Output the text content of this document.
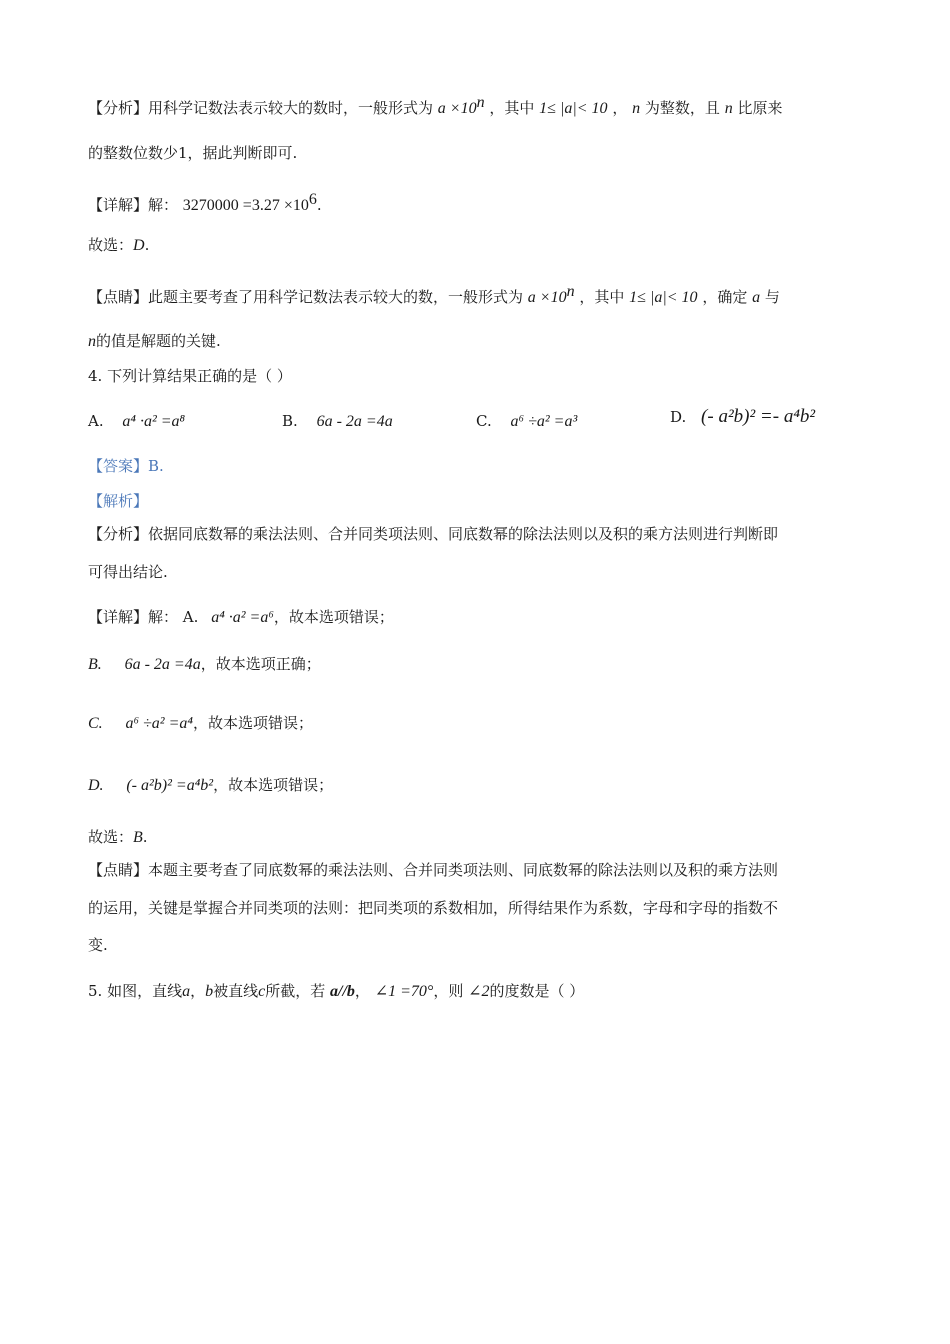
【分析】用科学记数法表示较大的数时，一般形式为 $a \times 10^n$ ，其中 1≤ |a|< 10 ， n 为整数，且 n 比原来
的整数位数少1，据此判断即可.
【详解】解： $3270000 =3.27 \times 10^6$.
故选：D.
【点睛】此题主要考查了用科学记数法表示较大的数，一般形式为 $a \times 10^n$ ，其中 1≤ |a|< 10 ，确定 a 与
n的值是解题的关键.
4. 下列计算结果正确的是（ ）
A. a⁴ ·a² =a⁸	B. 6a - 2a =4a	C. a⁶ ÷a² =a³	D. (- a²b)² =- a⁴b²
【答案】B.
【解析】
【分析】依据同底数幂的乘法法则、合并同类项法则、同底数幂的除法法则以及积的乘方法则进行判断即
可得出结论.
【详解】解： A. a⁴ ·a² =a⁶，故本选项错误；
B. 6a - 2a =4a，故本选项正确；
C. a⁶ ÷a² =a⁴，故本选项错误；
D. (- a²b)² =a⁴b²，故本选项错误；
故选：B.
【点睛】本题主要考查了同底数幂的乘法法则、合并同类项法则、同底数幂的除法法则以及积的乘方法则
的运用，关键是掌握合并同类项的法则：把同类项的系数相加，所得结果作为系数，字母和字母的指数不
变.
5. 如图，直线a，b被直线c所截，若 a//b， ∠1 =70°，则 ∠2的度数是（ ）
